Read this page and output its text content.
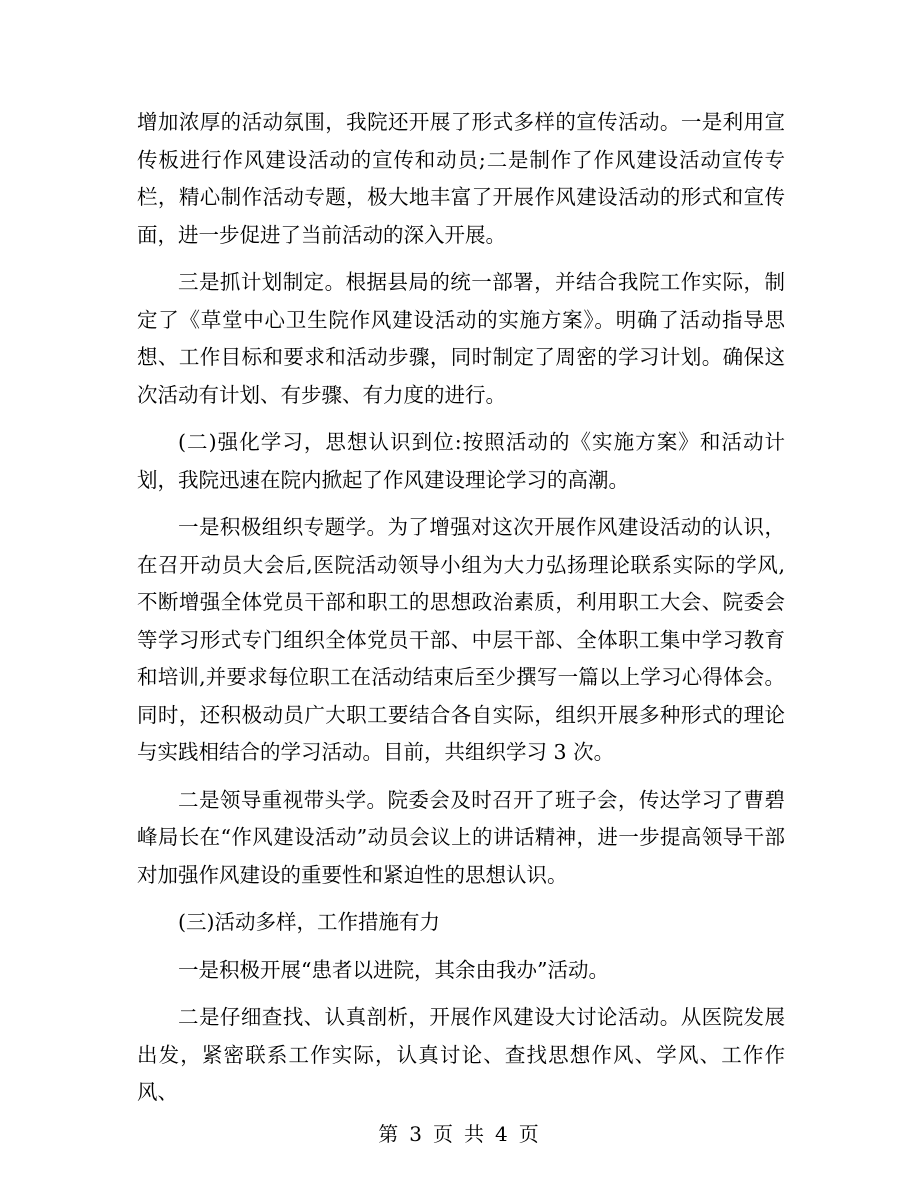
增加浓厚的活动氛围，我院还开展了形式多样的宣传活动。一是利用宣传板进行作风建设活动的宣传和动员;二是制作了作风建设活动宣传专栏，精心制作活动专题，极大地丰富了开展作风建设活动的形式和宣传面，进一步促进了当前活动的深入开展。

三是抓计划制定。根据县局的统一部署，并结合我院工作实际，制定了《草堂中心卫生院作风建设活动的实施方案》。明确了活动指导思想、工作目标和要求和活动步骤，同时制定了周密的学习计划。确保这次活动有计划、有步骤、有力度的进行。

(二)强化学习，思想认识到位:按照活动的《实施方案》和活动计划，我院迅速在院内掀起了作风建设理论学习的高潮。

一是积极组织专题学。为了增强对这次开展作风建设活动的认识，在召开动员大会后,医院活动领导小组为大力弘扬理论联系实际的学风,不断增强全体党员干部和职工的思想政治素质，利用职工大会、院委会等学习形式专门组织全体党员干部、中层干部、全体职工集中学习教育和培训,并要求每位职工在活动结束后至少撰写一篇以上学习心得体会。同时，还积极动员广大职工要结合各自实际，组织开展多种形式的理论与实践相结合的学习活动。目前，共组织学习 3 次。

二是领导重视带头学。院委会及时召开了班子会，传达学习了曹碧峰局长在“作风建设活动”动员会议上的讲话精神，进一步提高领导干部对加强作风建设的重要性和紧迫性的思想认识。

(三)活动多样，工作措施有力

一是积极开展“患者以进院，其余由我办”活动。

二是仔细查找、认真剖析，开展作风建设大讨论活动。从医院发展出发，紧密联系工作实际，认真讨论、查找思想作风、学风、工作作风、

第 3 页 共 4 页
